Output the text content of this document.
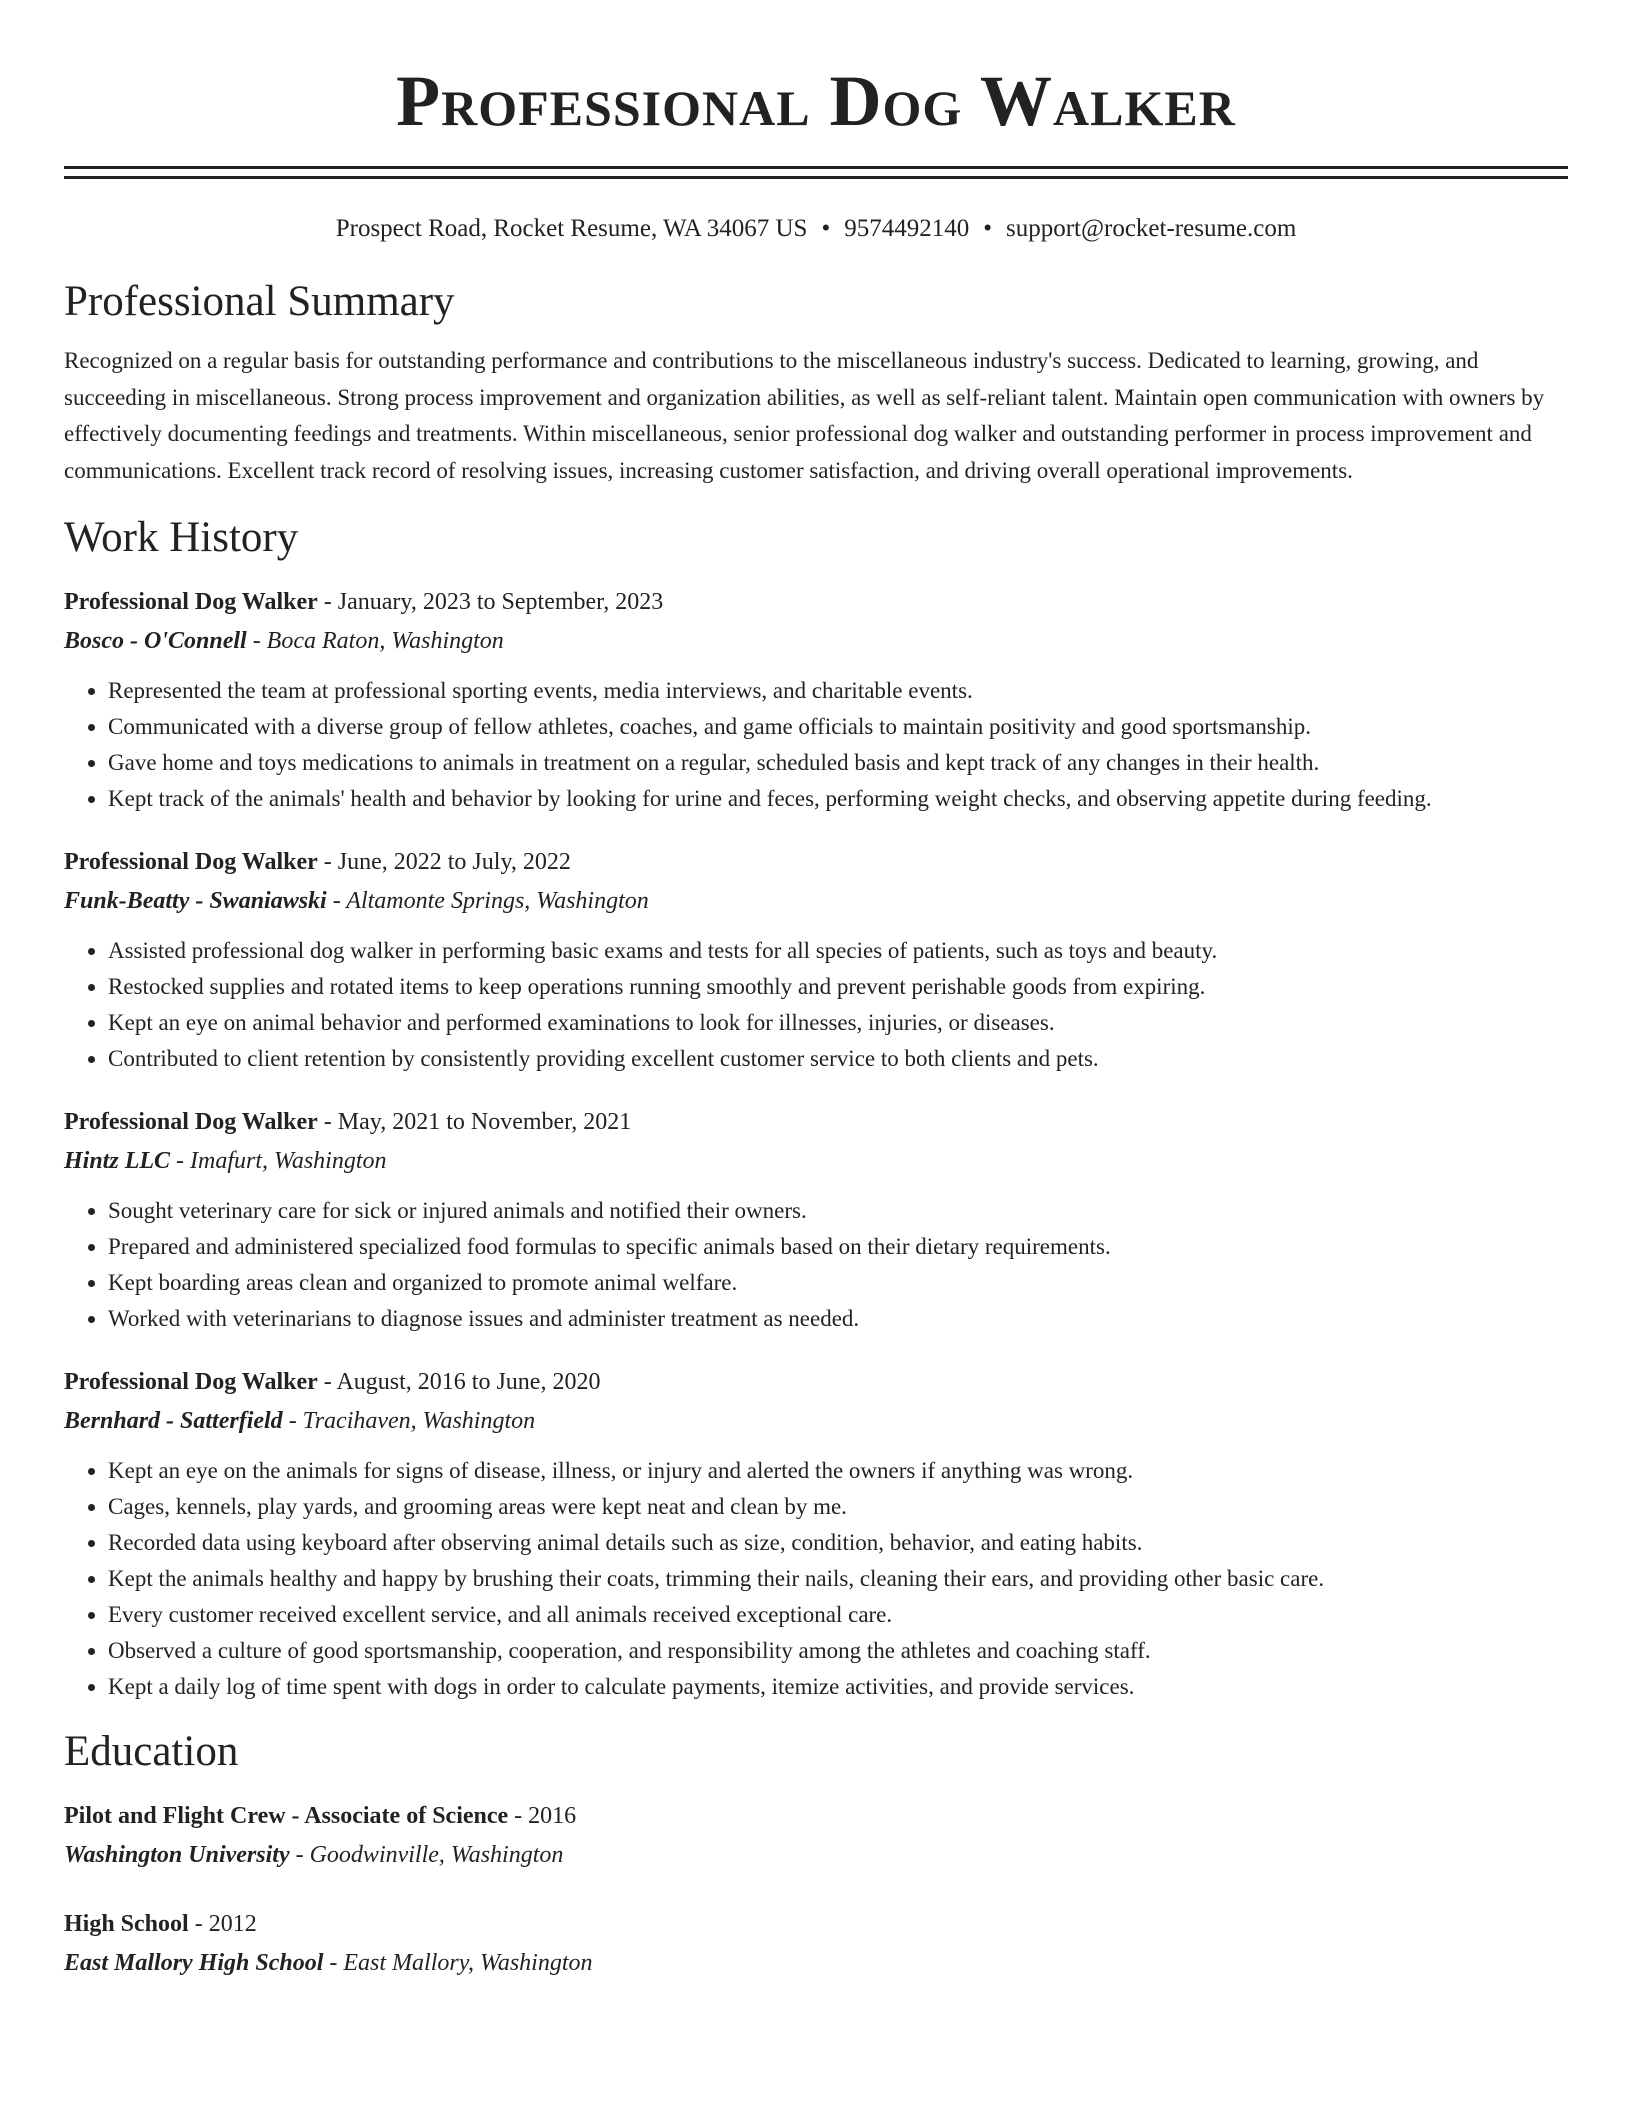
Professional Dog Walker
Prospect Road, Rocket Resume, WA 34067 US • 9574492140 • support@rocket-resume.com
Professional Summary
Recognized on a regular basis for outstanding performance and contributions to the miscellaneous industry's success. Dedicated to learning, growing, and succeeding in miscellaneous. Strong process improvement and organization abilities, as well as self-reliant talent. Maintain open communication with owners by effectively documenting feedings and treatments. Within miscellaneous, senior professional dog walker and outstanding performer in process improvement and communications. Excellent track record of resolving issues, increasing customer satisfaction, and driving overall operational improvements.
Work History
Professional Dog Walker - January, 2023 to September, 2023
Bosco - O'Connell - Boca Raton, Washington
• Represented the team at professional sporting events, media interviews, and charitable events.
• Communicated with a diverse group of fellow athletes, coaches, and game officials to maintain positivity and good sportsmanship.
• Gave home and toys medications to animals in treatment on a regular, scheduled basis and kept track of any changes in their health.
• Kept track of the animals' health and behavior by looking for urine and feces, performing weight checks, and observing appetite during feeding.
Professional Dog Walker - June, 2022 to July, 2022
Funk-Beatty - Swaniawski - Altamonte Springs, Washington
• Assisted professional dog walker in performing basic exams and tests for all species of patients, such as toys and beauty.
• Restocked supplies and rotated items to keep operations running smoothly and prevent perishable goods from expiring.
• Kept an eye on animal behavior and performed examinations to look for illnesses, injuries, or diseases.
• Contributed to client retention by consistently providing excellent customer service to both clients and pets.
Professional Dog Walker - May, 2021 to November, 2021
Hintz LLC - Imafurt, Washington
• Sought veterinary care for sick or injured animals and notified their owners.
• Prepared and administered specialized food formulas to specific animals based on their dietary requirements.
• Kept boarding areas clean and organized to promote animal welfare.
• Worked with veterinarians to diagnose issues and administer treatment as needed.
Professional Dog Walker - August, 2016 to June, 2020
Bernhard - Satterfield - Tracihaven, Washington
• Kept an eye on the animals for signs of disease, illness, or injury and alerted the owners if anything was wrong.
• Cages, kennels, play yards, and grooming areas were kept neat and clean by me.
• Recorded data using keyboard after observing animal details such as size, condition, behavior, and eating habits.
• Kept the animals healthy and happy by brushing their coats, trimming their nails, cleaning their ears, and providing other basic care.
• Every customer received excellent service, and all animals received exceptional care.
• Observed a culture of good sportsmanship, cooperation, and responsibility among the athletes and coaching staff.
• Kept a daily log of time spent with dogs in order to calculate payments, itemize activities, and provide services.
Education
Pilot and Flight Crew - Associate of Science - 2016
Washington University - Goodwinville, Washington
High School - 2012
East Mallory High School - East Mallory, Washington
